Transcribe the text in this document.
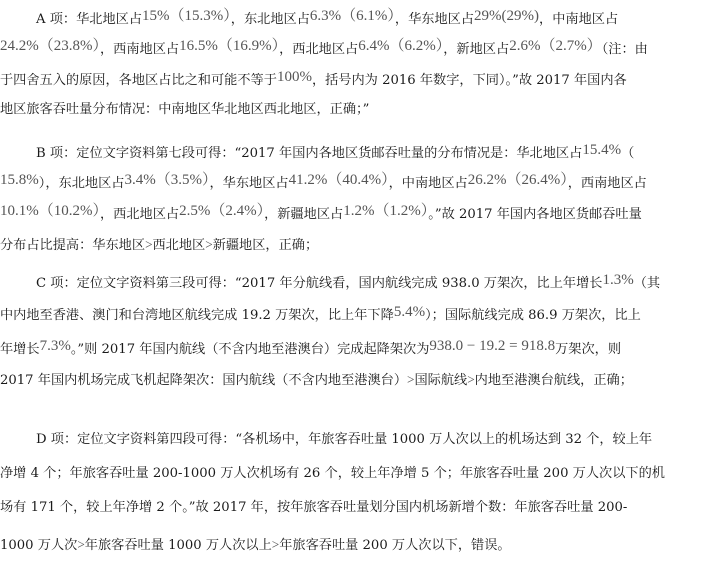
A 项：华北地区占15%（15.3%），东北地区占6.3%（6.1%），华东地区占29%(29%)，中南地区占
24.2%（23.8%），西南地区占16.5%（16.9%），西北地区占6.4%（6.2%），新地区占2.6%（2.7%）（注：由
于四舍五入的原因，各地区占比之和可能不等于100%，括号内为 2016 年数字，下同）。”故 2017 年国内各
地区旅客吞吐量分布情况：中南地区华北地区西北地区，正确；”
B 项：定位文字资料第七段可得：“2017 年国内各地区货邮吞吐量的分布情况是：华北地区占15.4%（
15.8%），东北地区占3.4%（3.5%），华东地区占41.2%（40.4%），中南地区占26.2%（26.4%），西南地区占
10.1%（10.2%），西北地区占2.5%（2.4%），新疆地区占1.2%（1.2%）。”故 2017 年国内各地区货邮吞吐量
分布占比提高：华东地区>西北地区>新疆地区，正确；
C 项：定位文字资料第三段可得：“2017 年分航线看，国内航线完成 938.0 万架次，比上年增长1.3%（其
中内地至香港、澳门和台湾地区航线完成 19.2 万架次，比上年下降5.4%）；国际航线完成 86.9 万架次，比上
年增长7.3%。”则 2017 年国内航线（不含内地至港澳台）完成起降架次为938.0 − 19.2 = 918.8万架次，则
2017 年国内机场完成飞机起降架次：国内航线（不含内地至港澳台）>国际航线>内地至港澳台航线，正确；
D 项：定位文字资料第四段可得：“各机场中，年旅客吞吐量 1000 万人次以上的机场达到 32 个，较上年
净增 4 个；年旅客吞吐量 200-1000 万人次机场有 26 个，较上年净增 5 个；年旅客吞吐量 200 万人次以下的机
场有 171 个，较上年净增 2 个。”故 2017 年，按年旅客吞吐量划分国内机场新增个数：年旅客吞吐量 200-
1000 万人次>年旅客吞吐量 1000 万人次以上>年旅客吞吐量 200 万人次以下，错误。
